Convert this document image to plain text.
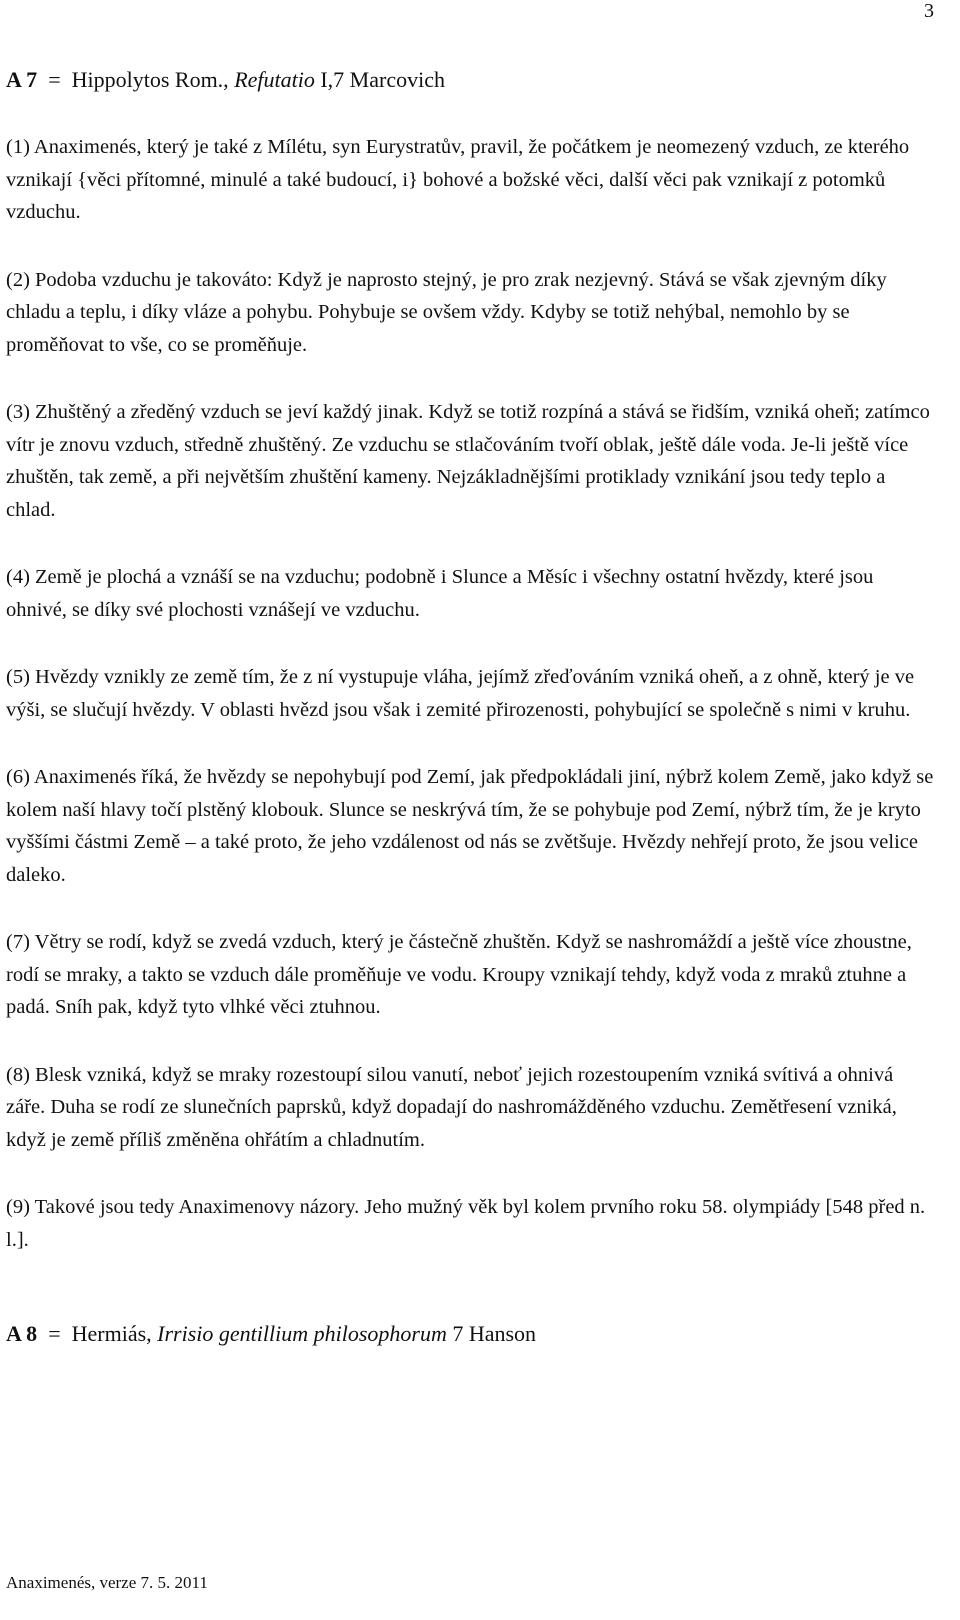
3

A 7 = Hippolytos Rom., Refutatio I,7 Marcovich

(1) Anaximenés, který je také z Mílétu, syn Eurystratův, pravil, že počátkem je neomezený vzduch, ze kterého vznikají {věci přítomné, minulé a také budoucí, i} bohové a božské věci, další věci pak vznikají z potomků vzduchu.

(2) Podoba vzduchu je takováto: Když je naprosto stejný, je pro zrak nezjevný. Stává se však zjevným díky chladu a teplu, i díky vláze a pohybu. Pohybuje se ovšem vždy. Kdyby se totiž nehýbal, nemohlo by se proměňovat to vše, co se proměňuje.

(3) Zhuštěný a zředěný vzduch se jeví každý jinak. Když se totiž rozpíná a stává se řidším, vzniká oheň; zatímco vítr je znovu vzduch, středně zhuštěný. Ze vzduchu se stlačováním tvoří oblak, ještě dále voda. Je-li ještě více zhuštěn, tak země, a při největším zhuštění kameny. Nejzákladnějšími protiklady vznikání jsou tedy teplo a chlad.

(4) Země je plochá a vznáší se na vzduchu; podobně i Slunce a Měsíc i všechny ostatní hvězdy, které jsou ohnivé, se díky své plochosti vznášejí ve vzduchu.

(5) Hvězdy vznikly ze země tím, že z ní vystupuje vláha, jejímž zřeďováním vzniká oheň, a z ohně, který je ve výši, se slučují hvězdy. V oblasti hvězd jsou však i zemité přirozenosti, pohybující se společně s nimi v kruhu.

(6) Anaximenés říká, že hvězdy se nepohybují pod Zemí, jak předpokládali jiní, nýbrž kolem Země, jako když se kolem naší hlavy točí plstěný klobouk. Slunce se neskrývá tím, že se pohybuje pod Zemí, nýbrž tím, že je kryto vyššími částmi Země – a také proto, že jeho vzdálenost od nás se zvětšuje. Hvězdy nehřejí proto, že jsou velice daleko.

(7) Větry se rodí, když se zvedá vzduch, který je částečně zhuštěn. Když se nashromáždí a ještě více zhoustne, rodí se mraky, a takto se vzduch dále proměňuje ve vodu. Kroupy vznikají tehdy, když voda z mraků ztuhne a padá. Sníh pak, když tyto vlhké věci ztuhnou.

(8) Blesk vzniká, když se mraky rozestoupí silou vanutí, neboť jejich rozestoupením vzniká svítivá a ohnivá záře. Duha se rodí ze slunečních paprsků, když dopadají do nashromážděného vzduchu. Zemětřesení vzniká, když je země příliš změněna ohřátím a chladnutím.

(9) Takové jsou tedy Anaximenovy názory. Jeho mužný věk byl kolem prvního roku 58. olympiády [548 před n. l.].

A 8 = Hermiás, Irrisio gentillium philosophorum 7 Hanson

Anaximenés, verze 7. 5. 2011
